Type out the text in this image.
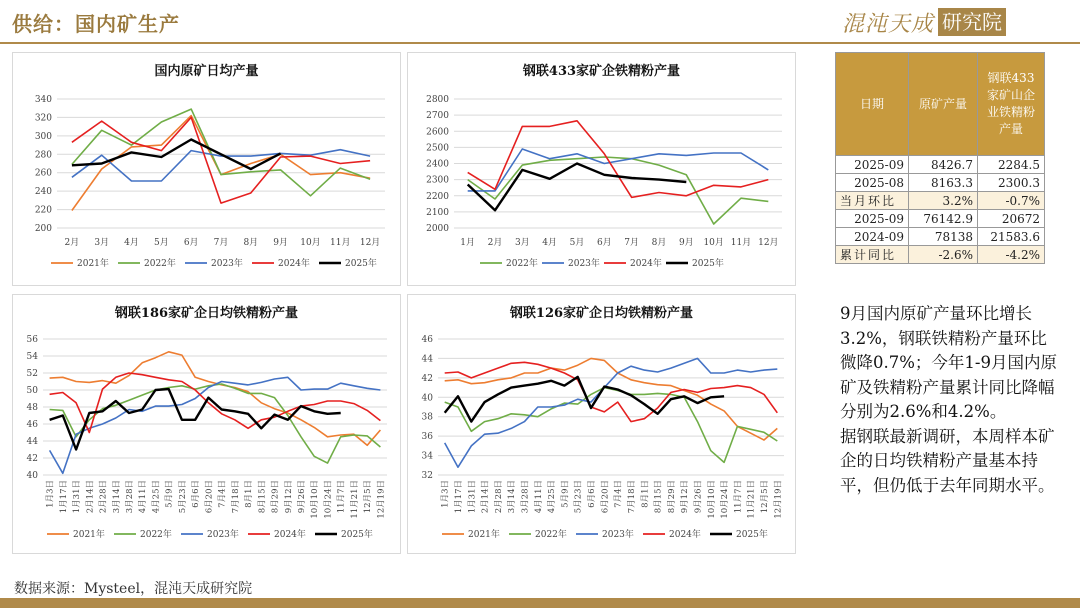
供给：国内矿生产	混沌天成 研究院
国内原矿日均产量
200
220
240
260
280
300
320
340
2月 3月 4月 5月 6月 7月 8月 9月 10月 11月 12月
2021年	2022年	2023年	2024年	2025年
钢联433家矿企铁精粉产量
2000
2100
2200
2300
2400
2500
2600
2700
2800
1月 2月 3月 4月 5月 6月 7月 8月 9月 10月 11月 12月
2022年	2023年	2024年	2025年
钢联186家矿企日均铁精粉产量
40
42
44
46
48
50
52
54
56
1月3日 1月17日 1月31日 2月14日 2月28日 3月14日 3月28日 4月11日 4月25日 5月9日 5月23日 6月6日 6月20日 7月4日 7月18日 8月1日 8月15日 8月29日 9月12日 9月26日 10月10日 10月24日 11月7日 11月21日 12月5日 12月19日
2021年	2022年	2023年	2024年	2025年
钢联126家矿企日均铁精粉产量
32
34
36
38
40
42
44
46
1月3日 1月17日 1月31日 2月14日 2月28日 3月14日 3月28日 4月11日 4月25日 5月9日 5月23日 6月6日 6月20日 7月4日 7月18日 8月1日 8月15日 8月29日 9月12日 9月26日 10月10日 10月24日 11月7日 11月21日 12月5日 12月19日
2021年	2022年	2023年	2024年	2025年
日期	原矿产量	钢联433家矿山企业铁精粉产量
2025-09	8426.7	2284.5
2025-08	8163.3	2300.3
当月环比	3.2%	-0.7%
2025-09	76142.9	20672
2024-09	78138	21583.6
累计同比	-2.6%	-4.2%

9月国内原矿产量环比增长3.2%，钢联铁精粉产量环比微降0.7%；今年1-9月国内原矿及铁精粉产量累计同比降幅分别为2.6%和4.2%。

据钢联最新调研，本周样本矿企的日均铁精粉产量基本持平，但仍低于去年同期水平。

数据来源：Mysteel，混沌天成研究院
